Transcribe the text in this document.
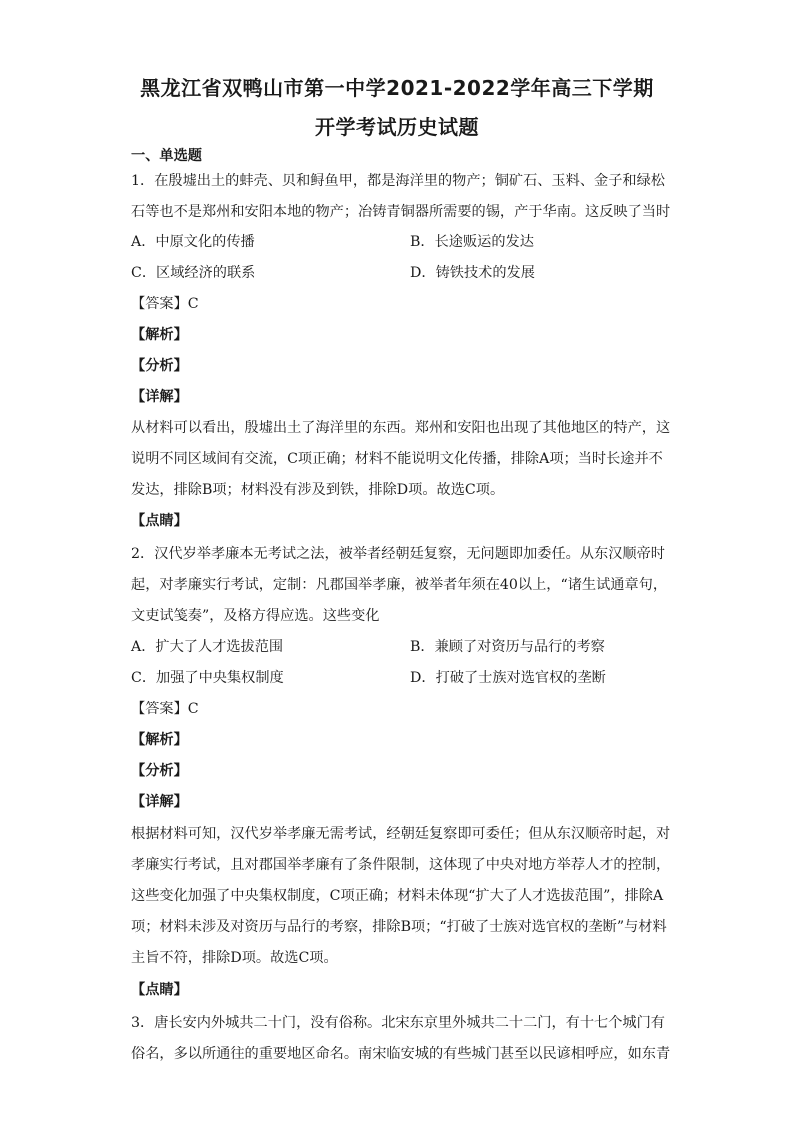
黑龙江省双鸭山市第一中学2021-2022学年高三下学期
开学考试历史试题
一、单选题
1．在殷墟出土的蚌壳、贝和鲟鱼甲，都是海洋里的物产；铜矿石、玉料、金子和绿松
石等也不是郑州和安阳本地的物产；冶铸青铜器所需要的锡，产于华南。这反映了当时
A．中原文化的传播	B．长途贩运的发达
C．区域经济的联系	D．铸铁技术的发展
【答案】C
【解析】
【分析】
【详解】
从材料可以看出，殷墟出土了海洋里的东西。郑州和安阳也出现了其他地区的特产，这
说明不同区域间有交流，C项正确；材料不能说明文化传播，排除A项；当时长途并不
发达，排除B项；材料没有涉及到铁，排除D项。故选C项。
【点睛】
2．汉代岁举孝廉本无考试之法，被举者经朝廷复察，无问题即加委任。从东汉顺帝时
起，对孝廉实行考试，定制：凡郡国举孝廉，被举者年须在40以上，“诸生试通章句，
文吏试笺奏”，及格方得应选。这些变化
A．扩大了人才选拔范围	B．兼顾了对资历与品行的考察
C．加强了中央集权制度	D．打破了士族对选官权的垄断
【答案】C
【解析】
【分析】
【详解】
根据材料可知，汉代岁举孝廉无需考试，经朝廷复察即可委任；但从东汉顺帝时起，对
孝廉实行考试，且对郡国举孝廉有了条件限制，这体现了中央对地方举荐人才的控制，
这些变化加强了中央集权制度，C项正确；材料未体现“扩大了人才选拔范围”，排除A
项；材料未涉及对资历与品行的考察，排除B项；“打破了士族对选官权的垄断”与材料
主旨不符，排除D项。故选C项。
【点睛】
3．唐长安内外城共二十门，没有俗称。北宋东京里外城共二十二门，有十七个城门有
俗名，多以所通往的重要地区命名。南宋临安城的有些城门甚至以民谚相呼应，如东青
